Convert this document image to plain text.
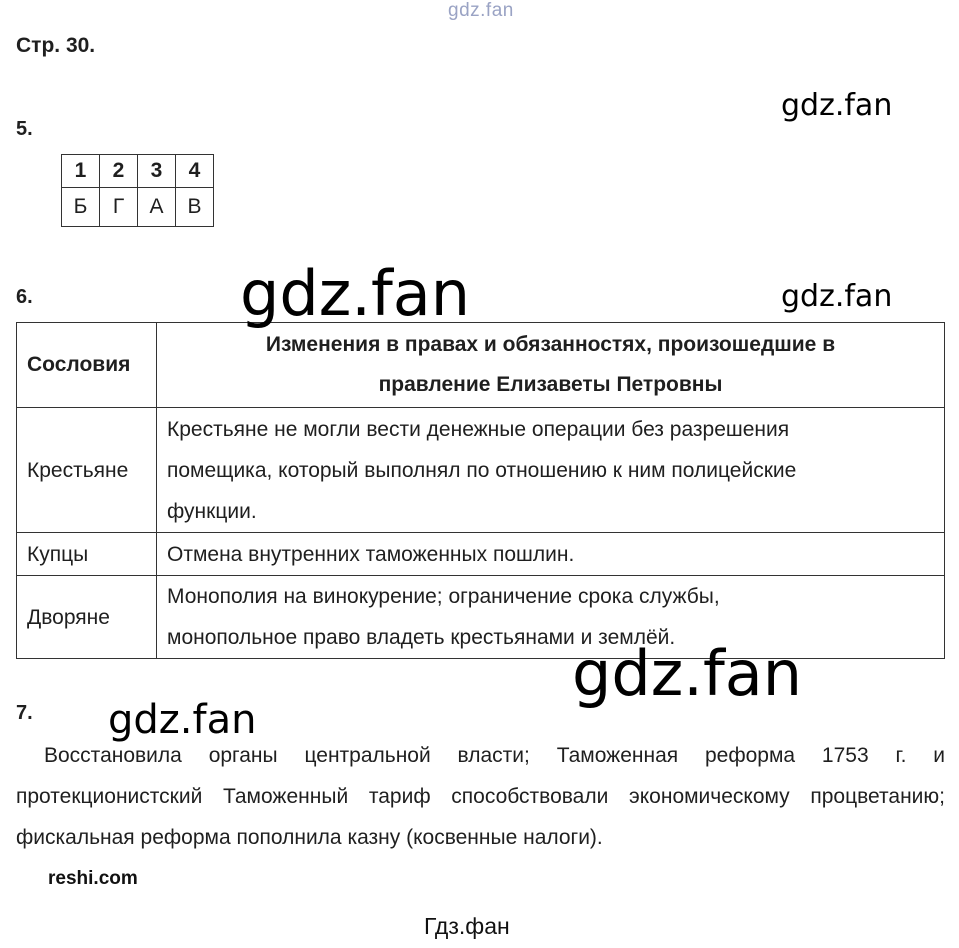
gdz.fan
Стр. 30.
5.
gdz.fan
1	2	3	4
Б	Г	А	В
6.	gdz.fan
Сословия	Изменения в правах и обязанностях, произошедшие в
правление Елизаветы Петровны

Крестьяне	Крестьяне не могли вести денежные операции без разрешения
помещика, который выполнял по отношению к ним полицейские
функции.

Купцы	Отмена внутренних таможенных пошлин.

Дворяне	Монополия на винокурение; ограничение срока службы,
монопольное право владеть крестьянами и землёй.
gdz.fan
gdz.fan
7. gdz.fan
Восстановила органы центральной власти; Таможенная реформа 1753 г. и протекционистский Таможенный тариф способствовали экономическому процветанию; фискальная реформа пополнила казну (косвенные налоги).
reshi.com
Гдз.фан
